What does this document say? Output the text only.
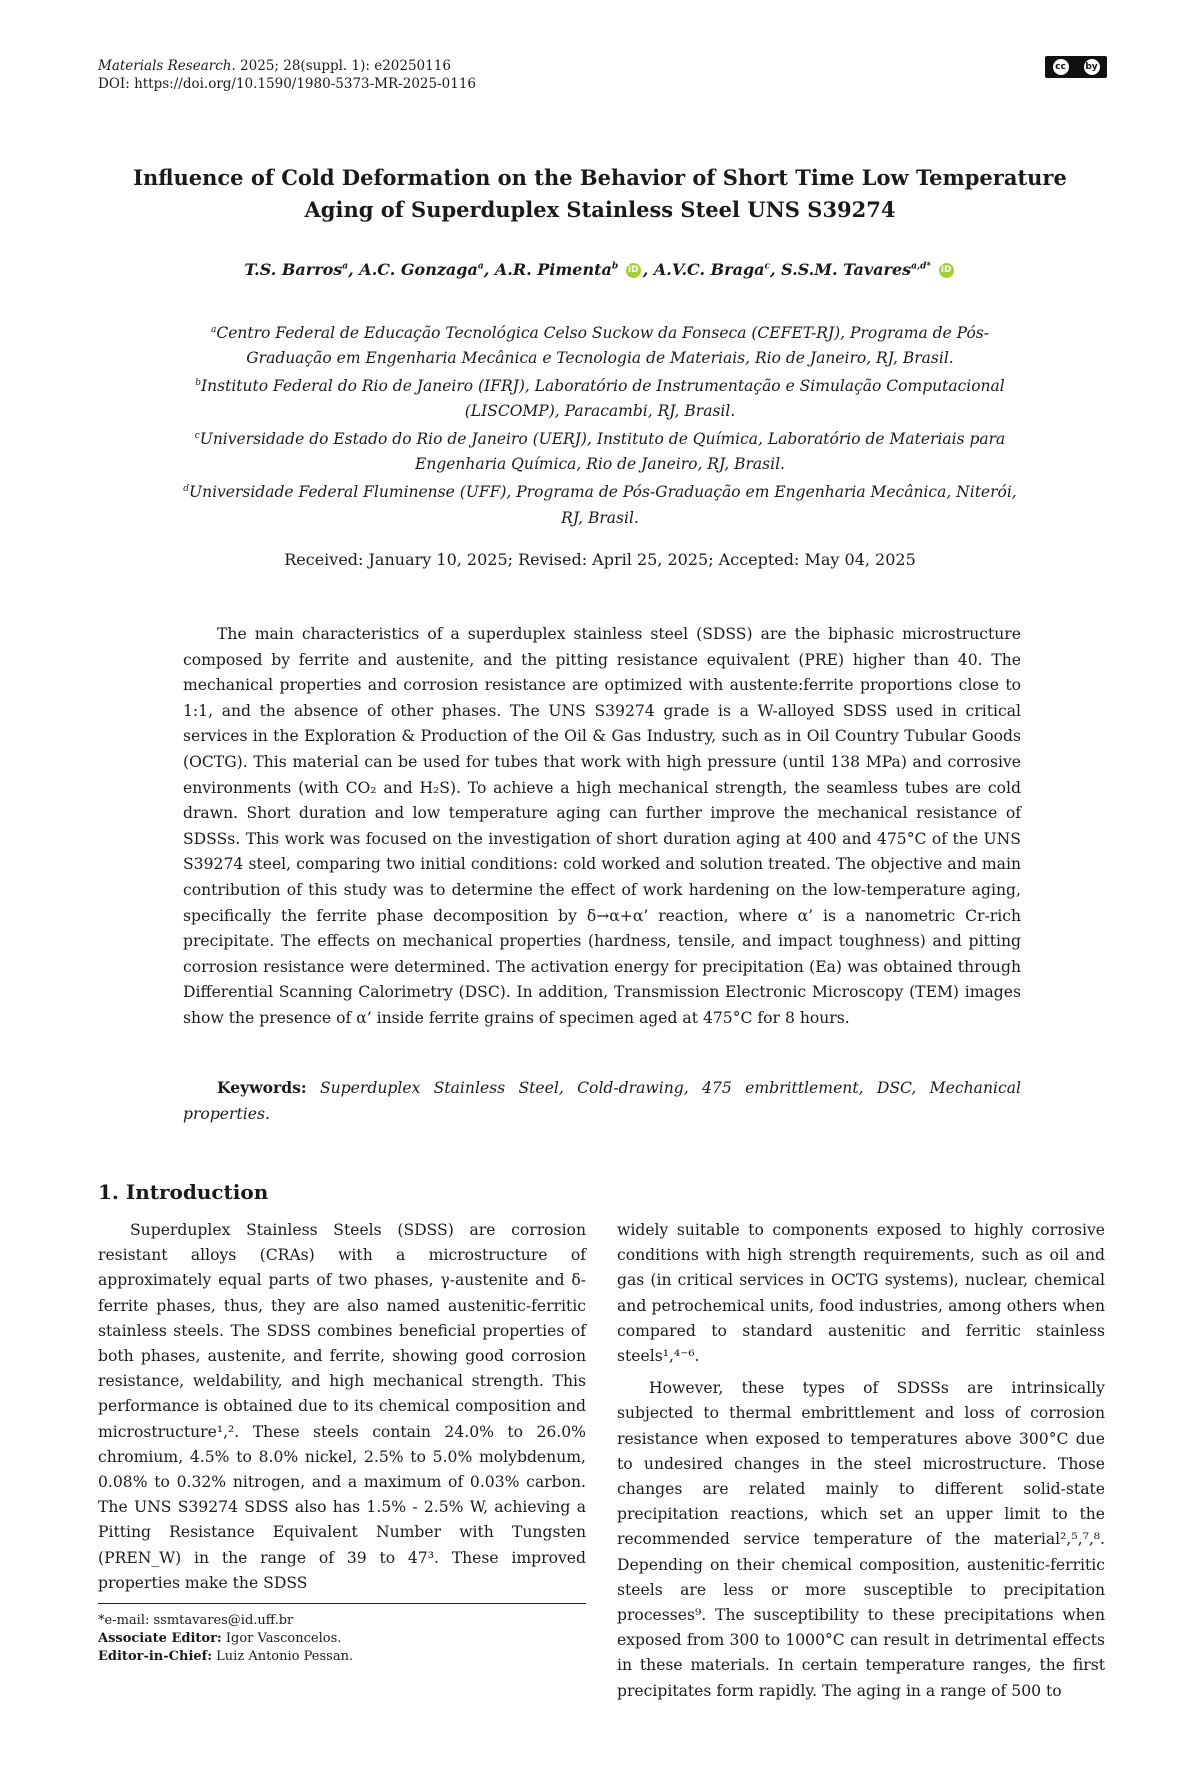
Materials Research. 2025; 28(suppl. 1): e20250116
DOI: https://doi.org/10.1590/1980-5373-MR-2025-0116
cc by
Influence of Cold Deformation on the Behavior of Short Time Low Temperature Aging of Superduplex Stainless Steel UNS S39274
T.S. Barros$^a$, A.C. Gonzaga$^a$, A.R. Pimenta$^b$ iD , A.V.C. Braga$^c$, S.S.M. Tavares$^{a,d*}$ iD
$^a$Centro Federal de Educação Tecnológica Celso Suckow da Fonseca (CEFET-RJ), Programa de Pós-Graduação em Engenharia Mecânica e Tecnologia de Materiais, Rio de Janeiro, RJ, Brasil.
$^b$Instituto Federal do Rio de Janeiro (IFRJ), Laboratório de Instrumentação e Simulação Computacional (LISCOMP), Paracambi, RJ, Brasil.
$^c$Universidade do Estado do Rio de Janeiro (UERJ), Instituto de Química, Laboratório de Materiais para Engenharia Química, Rio de Janeiro, RJ, Brasil.
$^d$Universidade Federal Fluminense (UFF), Programa de Pós-Graduação em Engenharia Mecânica, Niterói, RJ, Brasil.
Received: January 10, 2025; Revised: April 25, 2025; Accepted: May 04, 2025

The main characteristics of a superduplex stainless steel (SDSS) are the biphasic microstructure composed by ferrite and austenite, and the pitting resistance equivalent (PRE) higher than 40. The mechanical properties and corrosion resistance are optimized with austente:ferrite proportions close to 1:1, and the absence of other phases. The UNS S39274 grade is a W-alloyed SDSS used in critical services in the Exploration & Production of the Oil & Gas Industry, such as in Oil Country Tubular Goods (OCTG). This material can be used for tubes that work with high pressure (until 138 MPa) and corrosive environments (with CO₂ and H₂S). To achieve a high mechanical strength, the seamless tubes are cold drawn. Short duration and low temperature aging can further improve the mechanical resistance of SDSSs. This work was focused on the investigation of short duration aging at 400 and 475°C of the UNS S39274 steel, comparing two initial conditions: cold worked and solution treated. The objective and main contribution of this study was to determine the effect of work hardening on the low-temperature aging, specifically the ferrite phase decomposition by δ→α+α’ reaction, where α’ is a nanometric Cr-rich precipitate. The effects on mechanical properties (hardness, tensile, and impact toughness) and pitting corrosion resistance were determined. The activation energy for precipitation (Ea) was obtained through Differential Scanning Calorimetry (DSC). In addition, Transmission Electronic Microscopy (TEM) images show the presence of α’ inside ferrite grains of specimen aged at 475°C for 8 hours.

Keywords: Superduplex Stainless Steel, Cold-drawing, 475 embrittlement, DSC, Mechanical properties.
1. Introduction

Superduplex Stainless Steels (SDSS) are corrosion resistant alloys (CRAs) with a microstructure of approximately equal parts of two phases, γ-austenite and δ-ferrite phases, thus, they are also named austenitic-ferritic stainless steels. The SDSS combines beneficial properties of both phases, austenite, and ferrite, showing good corrosion resistance, weldability, and high mechanical strength. This performance is obtained due to its chemical composition and microstructure¹,². These steels contain 24.0% to 26.0% chromium, 4.5% to 8.0% nickel, 2.5% to 5.0% molybdenum, 0.08% to 0.32% nitrogen, and a maximum of 0.03% carbon. The UNS S39274 SDSS also has 1.5% - 2.5% W, achieving a Pitting Resistance Equivalent Number with Tungsten (PREN_W) in the range of 39 to 47³. These improved properties make the SDSS

widely suitable to components exposed to highly corrosive conditions with high strength requirements, such as oil and gas (in critical services in OCTG systems), nuclear, chemical and petrochemical units, food industries, among others when compared to standard austenitic and ferritic stainless steels¹,⁴⁻⁶.

However, these types of SDSSs are intrinsically subjected to thermal embrittlement and loss of corrosion resistance when exposed to temperatures above 300°C due to undesired changes in the steel microstructure. Those changes are related mainly to different solid-state precipitation reactions, which set an upper limit to the recommended service temperature of the material²,⁵,⁷,⁸. Depending on their chemical composition, austenitic-ferritic steels are less or more susceptible to precipitation processes⁹. The susceptibility to these precipitations when exposed from 300 to 1000°C can result in detrimental effects in these materials. In certain temperature ranges, the first precipitates form rapidly. The aging in a range of 500 to

*e-mail: ssmtavares@id.uff.br
Associate Editor: Igor Vasconcelos.
Editor-in-Chief: Luiz Antonio Pessan.
